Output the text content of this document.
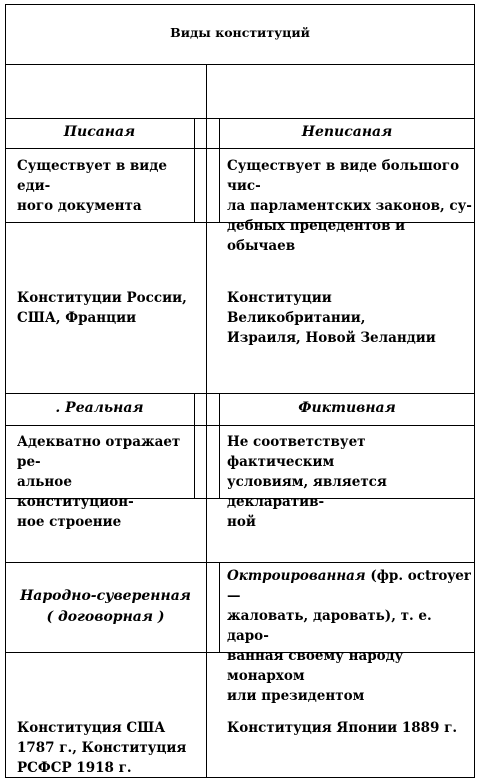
Виды конституций
Писаная	Неписаная
Существует в виде еди-
ного документа
Существует в виде большого чис-
ла парламентских законов, су-
дебных прецедентов и обычаев
Конституции России,
США, Франции
Конституции Великобритании,
Израиля, Новой Зеландии
. Реальная	Фиктивная
Адекватно отражает ре-
альное конституцион-
ное строение
Не соответствует фактическим
условиям, является декларатив-
ной
Народно-суверенная
( договорная )
Октроированная (фр. octroyer —
жаловать, даровать), т. е. даро-
ванная своему народу монархом
или президентом
Конституция США
1787 г., Конституция
РСФСР 1918 г.
Конституция Японии 1889 г.
